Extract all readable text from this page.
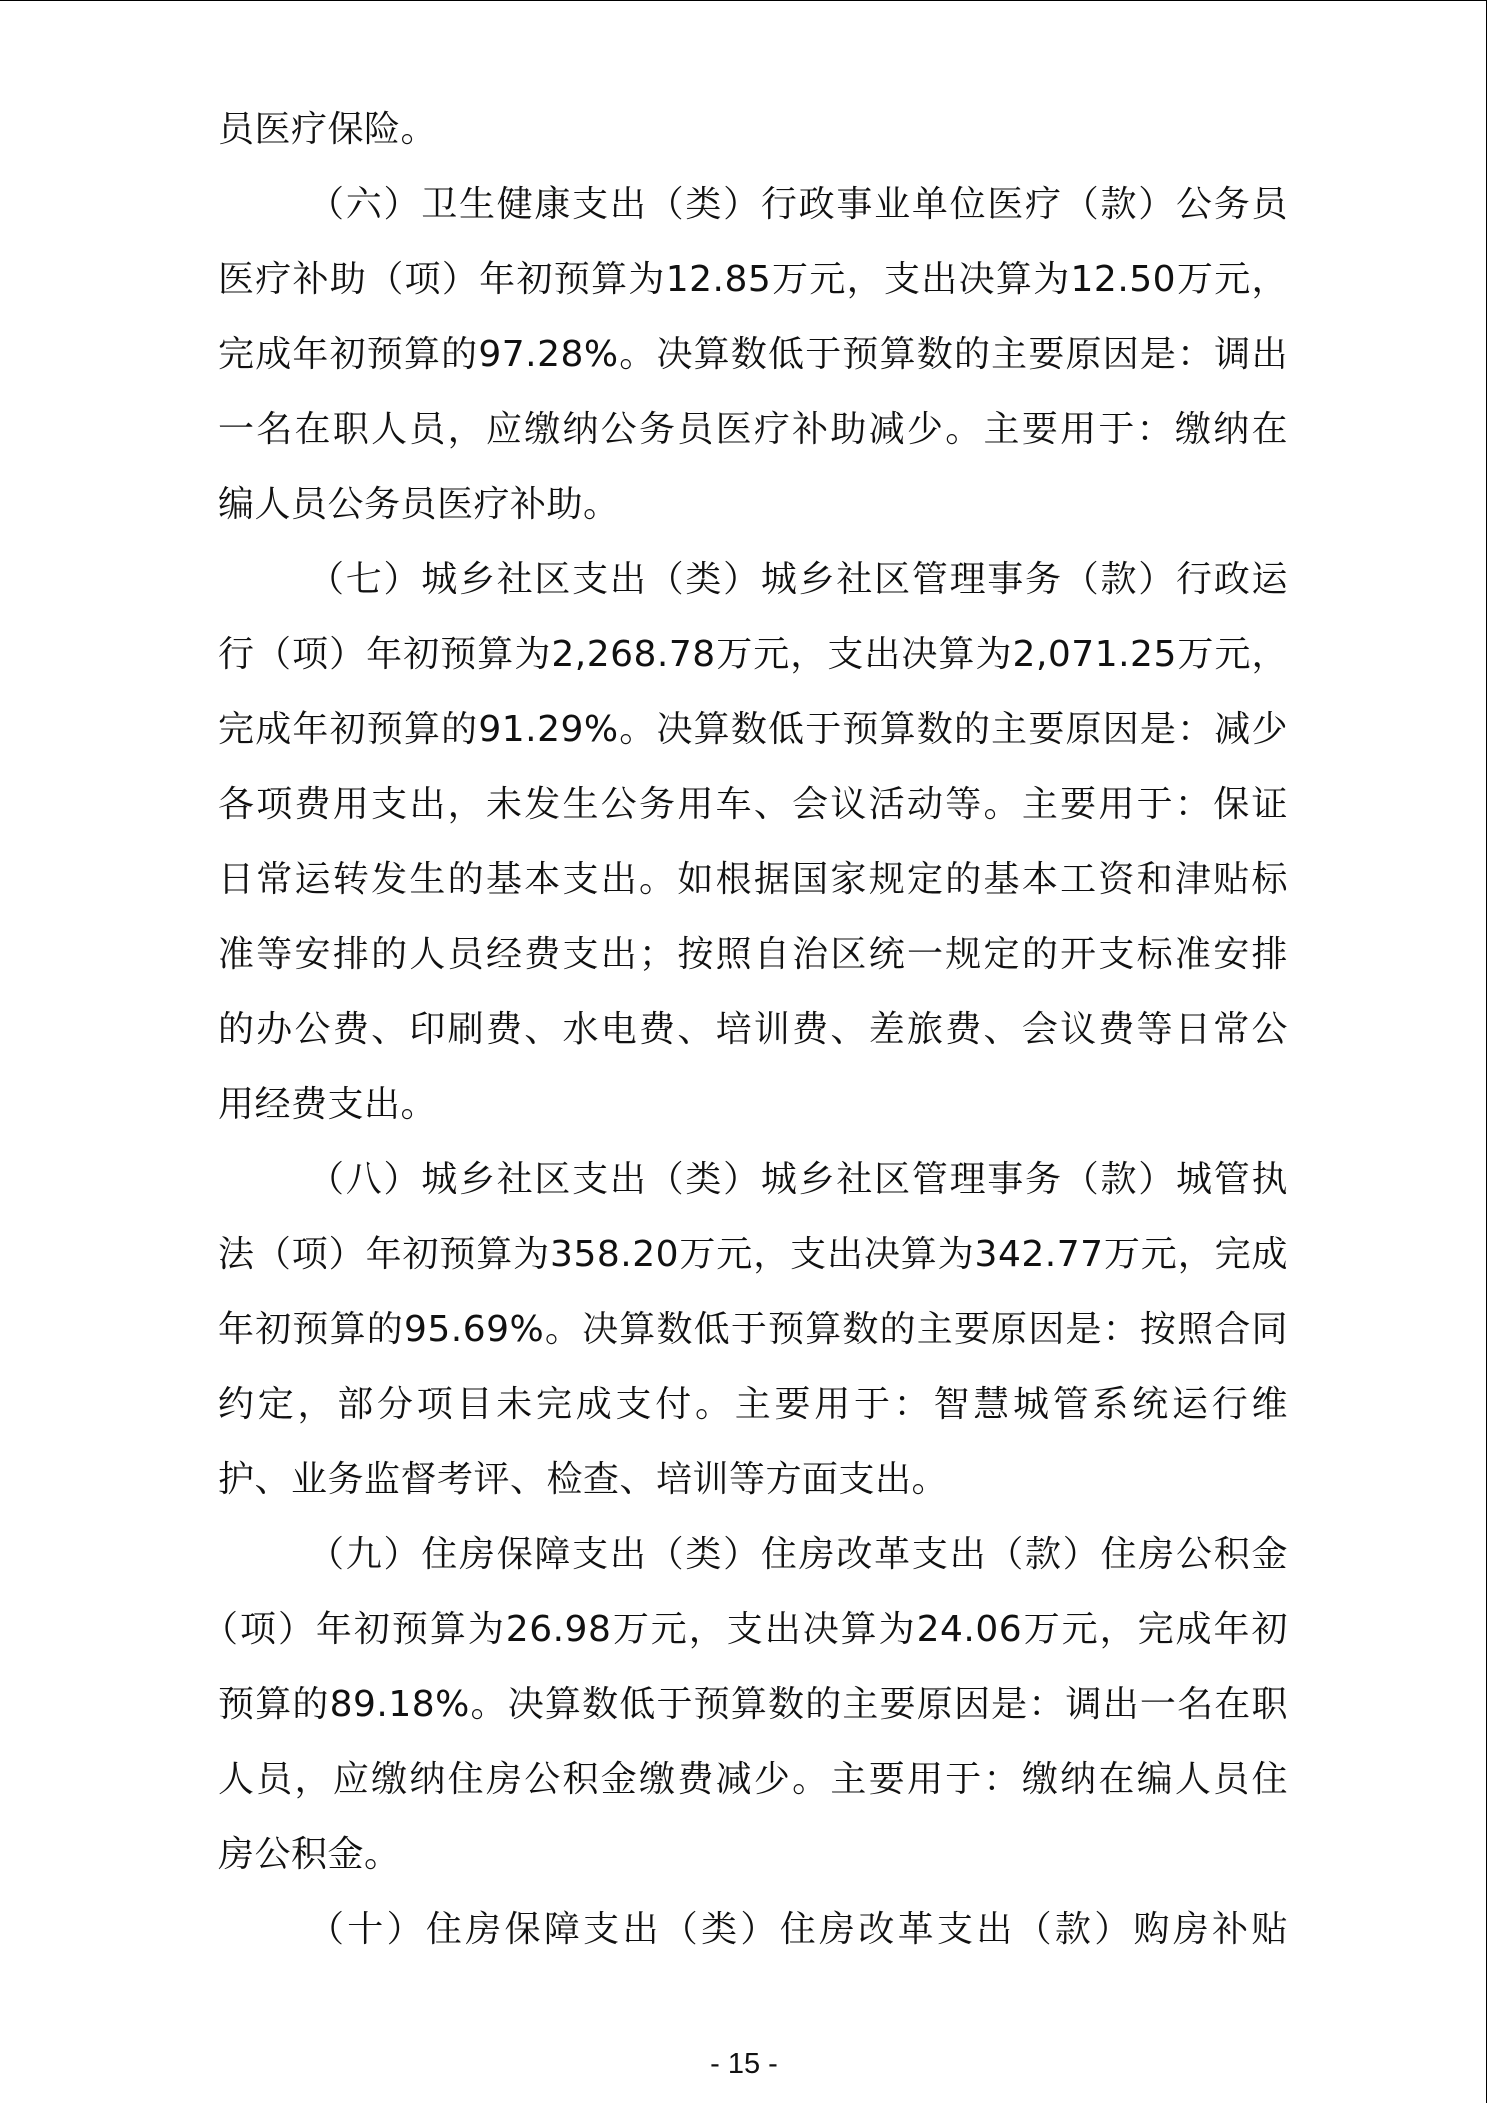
员医疗保险。
（六）卫生健康支出（类）行政事业单位医疗（款）公务员
医疗补助（项）年初预算为12.85万元，支出决算为12.50万元，
完成年初预算的97.28%。决算数低于预算数的主要原因是：调出
一名在职人员，应缴纳公务员医疗补助减少。主要用于：缴纳在
编人员公务员医疗补助。
（七）城乡社区支出（类）城乡社区管理事务（款）行政运
行（项）年初预算为2,268.78万元，支出决算为2,071.25万元，
完成年初预算的91.29%。决算数低于预算数的主要原因是：减少
各项费用支出，未发生公务用车、会议活动等。主要用于：保证
日常运转发生的基本支出。如根据国家规定的基本工资和津贴标
准等安排的人员经费支出；按照自治区统一规定的开支标准安排
的办公费、印刷费、水电费、培训费、差旅费、会议费等日常公
用经费支出。
（八）城乡社区支出（类）城乡社区管理事务（款）城管执
法（项）年初预算为358.20万元，支出决算为342.77万元，完成
年初预算的95.69%。决算数低于预算数的主要原因是：按照合同
约定，部分项目未完成支付。主要用于：智慧城管系统运行维
护、业务监督考评、检查、培训等方面支出。
（九）住房保障支出（类）住房改革支出（款）住房公积金
（项）年初预算为26.98万元，支出决算为24.06万元，完成年初
预算的89.18%。决算数低于预算数的主要原因是：调出一名在职
人员，应缴纳住房公积金缴费减少。主要用于：缴纳在编人员住
房公积金。
（十）住房保障支出（类）住房改革支出（款）购房补贴
- 15 -
